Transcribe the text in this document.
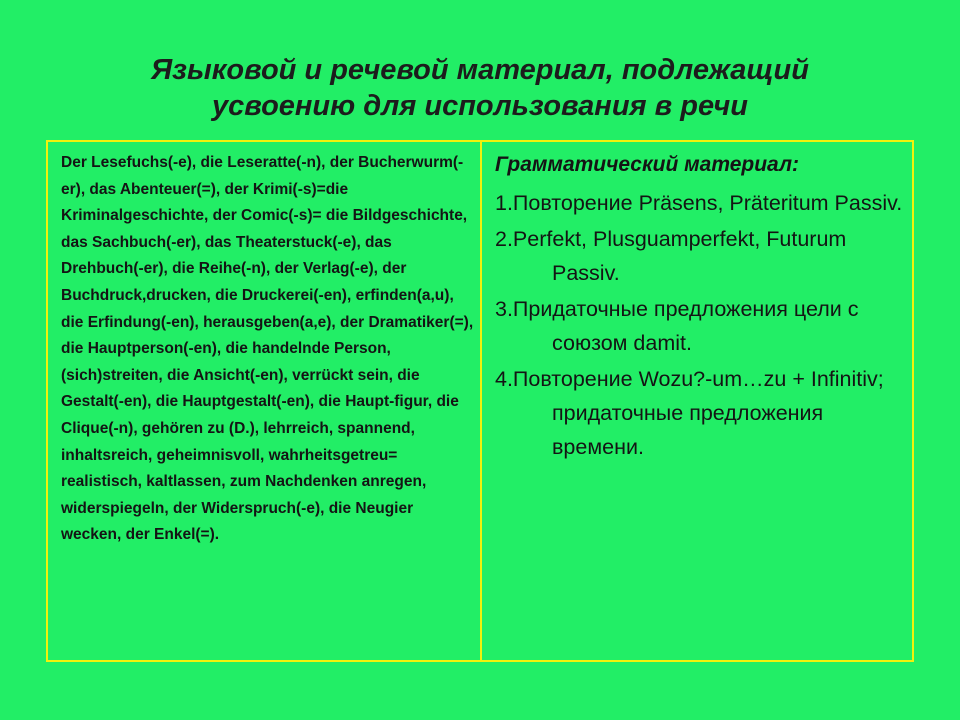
Языковой и речевой материал, подлежащий
усвоению для использования в речи

Der Lesefuchs(-e), die Leseratte(-n), der Bucherwurm(-er), das Abenteuer(=), der Krimi(-s)=die Kriminalgeschichte, der Comic(-s)= die Bildgeschichte, das Sachbuch(-er), das Theaterstuck(-e), das Drehbuch(-er), die Reihe(-n), der Verlag(-e), der Buchdruck,drucken, die Druckerei(-en), erfinden(a,u), die Erfindung(-en), herausgeben(a,e), der Dramatiker(=), die Hauptperson(-en), die handelnde Person, (sich)streiten, die Ansicht(-en), verrückt sein, die Gestalt(-en), die Hauptgestalt(-en), die Haupt-figur, die Clique(-n), gehören zu (D.), lehrreich, spannend, inhaltsreich, geheimnisvoll, wahrheitsgetreu= realistisch, kaltlassen, zum Nachdenken anregen, widerspiegeln, der Widerspruch(-e), die Neugier wecken, der Enkel(=).

Грамматический материал:

1.Повторение Präsens, Präteritum Passiv.
2.Perfekt, Plusguamperfekt, Futurum Passiv.
3.Придаточные предложения цели с союзом damit.
4.Повторение Wozu?-um…zu + Infinitiv; придаточные предложения времени.
